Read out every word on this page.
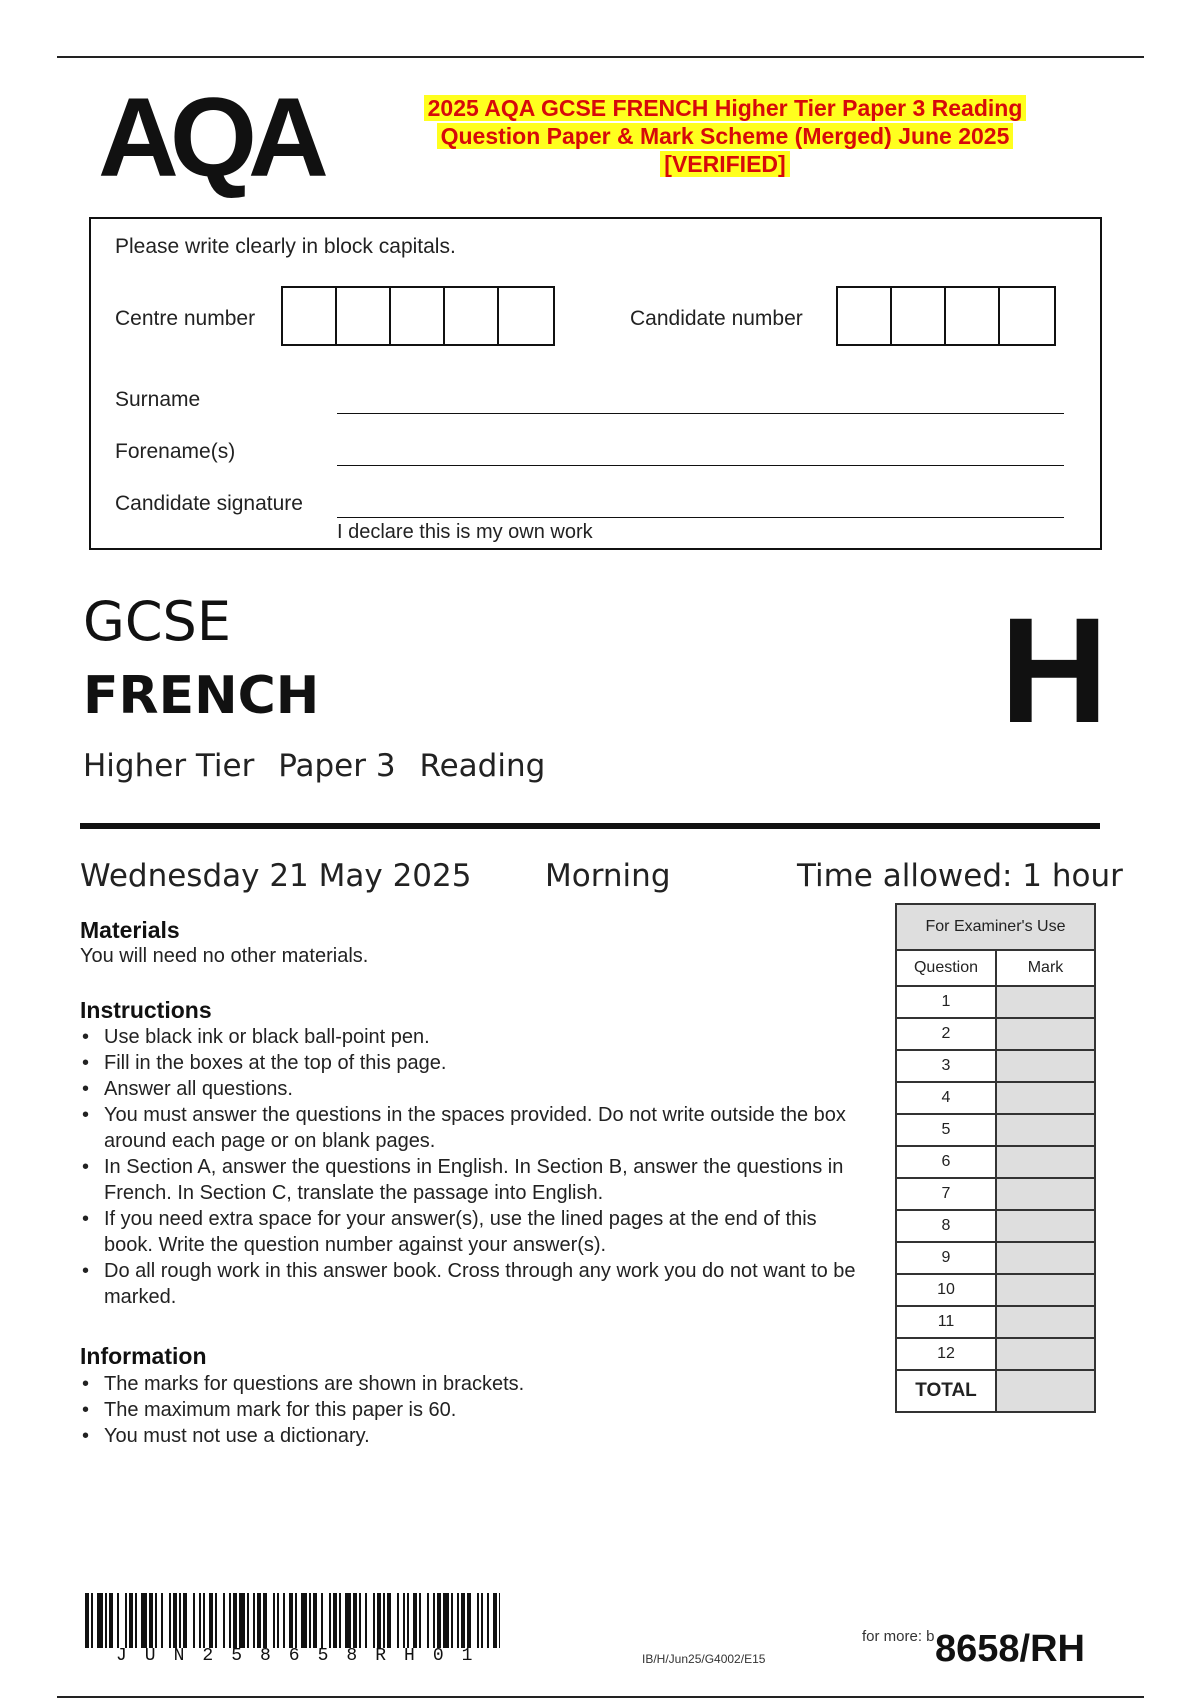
AQA	2025 AQA GCSE FRENCH Higher Tier Paper 3 Reading
Question Paper & Mark Scheme (Merged) June 2025
[VERIFIED]
Please write clearly in block capitals.
Centre number	Candidate number
Surname
Forename(s)
Candidate signature
I declare this is my own work
GCSE
FRENCH	H
Higher Tier Paper 3 Reading
Wednesday 21 May 2025 Morning	Time allowed: 1 hour
Materials
You will need no other materials.
Instructions
• Use black ink or black ball-point pen.
• Fill in the boxes at the top of this page.
• Answer all questions.
• You must answer the questions in the spaces provided. Do not write outside the box around each page or on blank pages.
• In Section A, answer the questions in English. In Section B, answer the questions in French. In Section C, translate the passage into English.
• If you need extra space for your answer(s), use the lined pages at the end of this book. Write the question number against your answer(s).
• Do all rough work in this answer book. Cross through any work you do not want to be marked.
Information
• The marks for questions are shown in brackets.
• The maximum mark for this paper is 60.
• You must not use a dictionary.
For Examiner's Use	
Question	Mark
1	
2	
3	
4	
5	
6	
7	
8	
9	
10	
11	
12	
TOTAL	
JUN258658RH01	IB/H/Jun25/G4002/E15
for more: b 8658/RH
